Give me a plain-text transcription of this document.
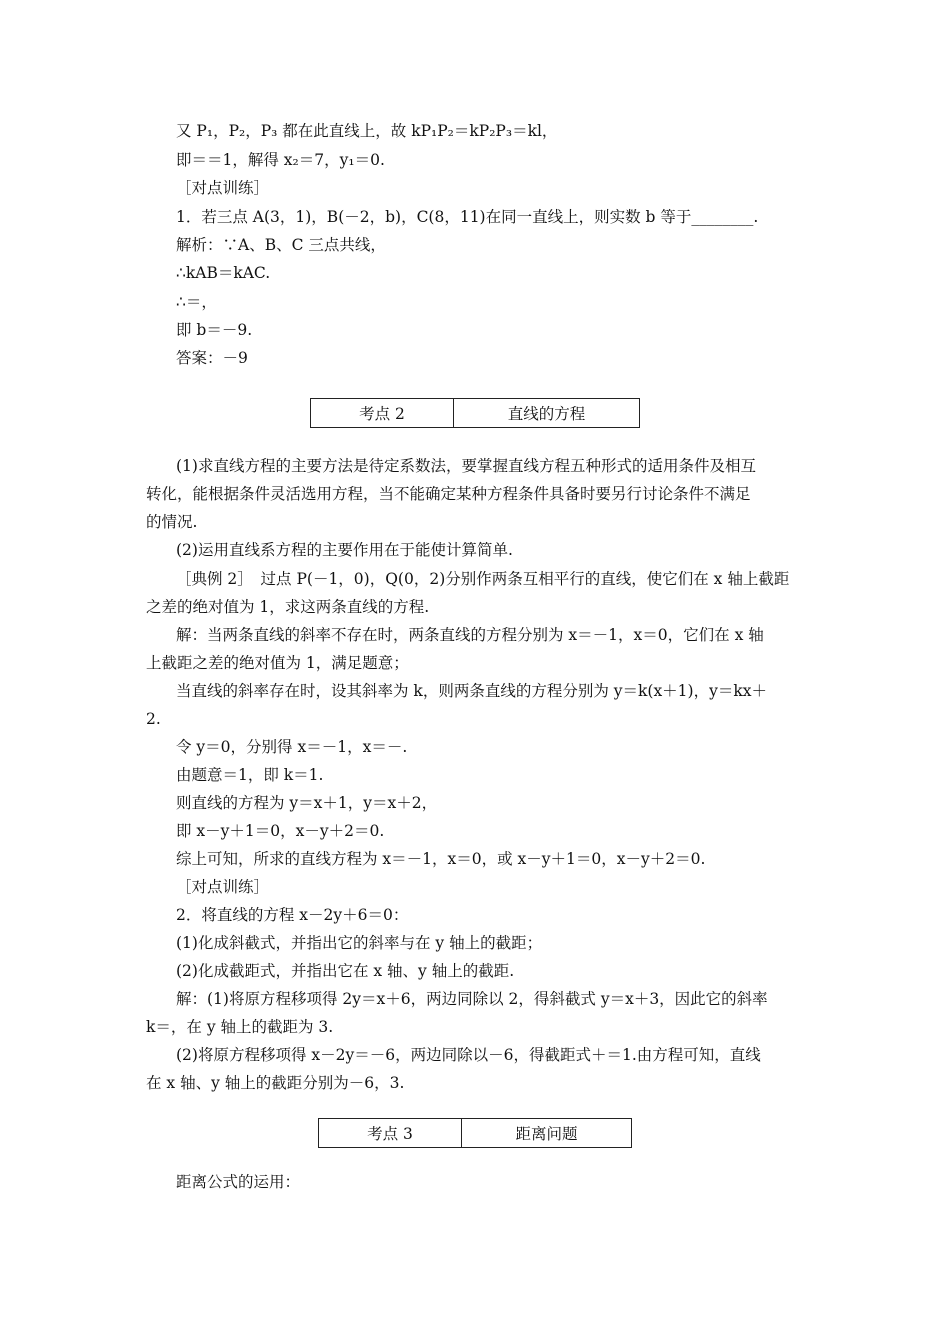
又 P₁，P₂，P₃ 都在此直线上，故 kP₁P₂＝kP₂P₃＝kl，
即＝＝1，解得 x₂＝7，y₁＝0.
［对点训练］
1．若三点 A(3，1)，B(－2，b)，C(8，11)在同一直线上，则实数 b 等于________.
解析：∵A、B、C 三点共线，
∴kAB＝kAC.
∴＝，
即 b＝－9.
答案：－9
考点 2	直线的方程
(1)求直线方程的主要方法是待定系数法，要掌握直线方程五种形式的适用条件及相互
转化，能根据条件灵活选用方程，当不能确定某种方程条件具备时要另行讨论条件不满足
的情况.
(2)运用直线系方程的主要作用在于能使计算简单.
［典例 2］　过点 P(－1，0)，Q(0，2)分别作两条互相平行的直线，使它们在 x 轴上截距
之差的绝对值为 1，求这两条直线的方程.
解：当两条直线的斜率不存在时，两条直线的方程分别为 x＝－1，x＝0，它们在 x 轴
上截距之差的绝对值为 1，满足题意；
当直线的斜率存在时，设其斜率为 k，则两条直线的方程分别为 y＝k(x＋1)，y＝kx＋
2.
令 y＝0，分别得 x＝－1，x＝－.
由题意＝1，即 k＝1.
则直线的方程为 y＝x＋1，y＝x＋2，
即 x－y＋1＝0，x－y＋2＝0.
综上可知，所求的直线方程为 x＝－1，x＝0，或 x－y＋1＝0，x－y＋2＝0.
［对点训练］
2．将直线的方程 x－2y＋6＝0：
(1)化成斜截式，并指出它的斜率与在 y 轴上的截距；
(2)化成截距式，并指出它在 x 轴、y 轴上的截距.
解：(1)将原方程移项得 2y＝x＋6，两边同除以 2，得斜截式 y＝x＋3，因此它的斜率
k＝，在 y 轴上的截距为 3.
(2)将原方程移项得 x－2y＝－6，两边同除以－6，得截距式＋＝1.由方程可知，直线
在 x 轴、y 轴上的截距分别为－6，3.
考点 3	距离问题
距离公式的运用：
